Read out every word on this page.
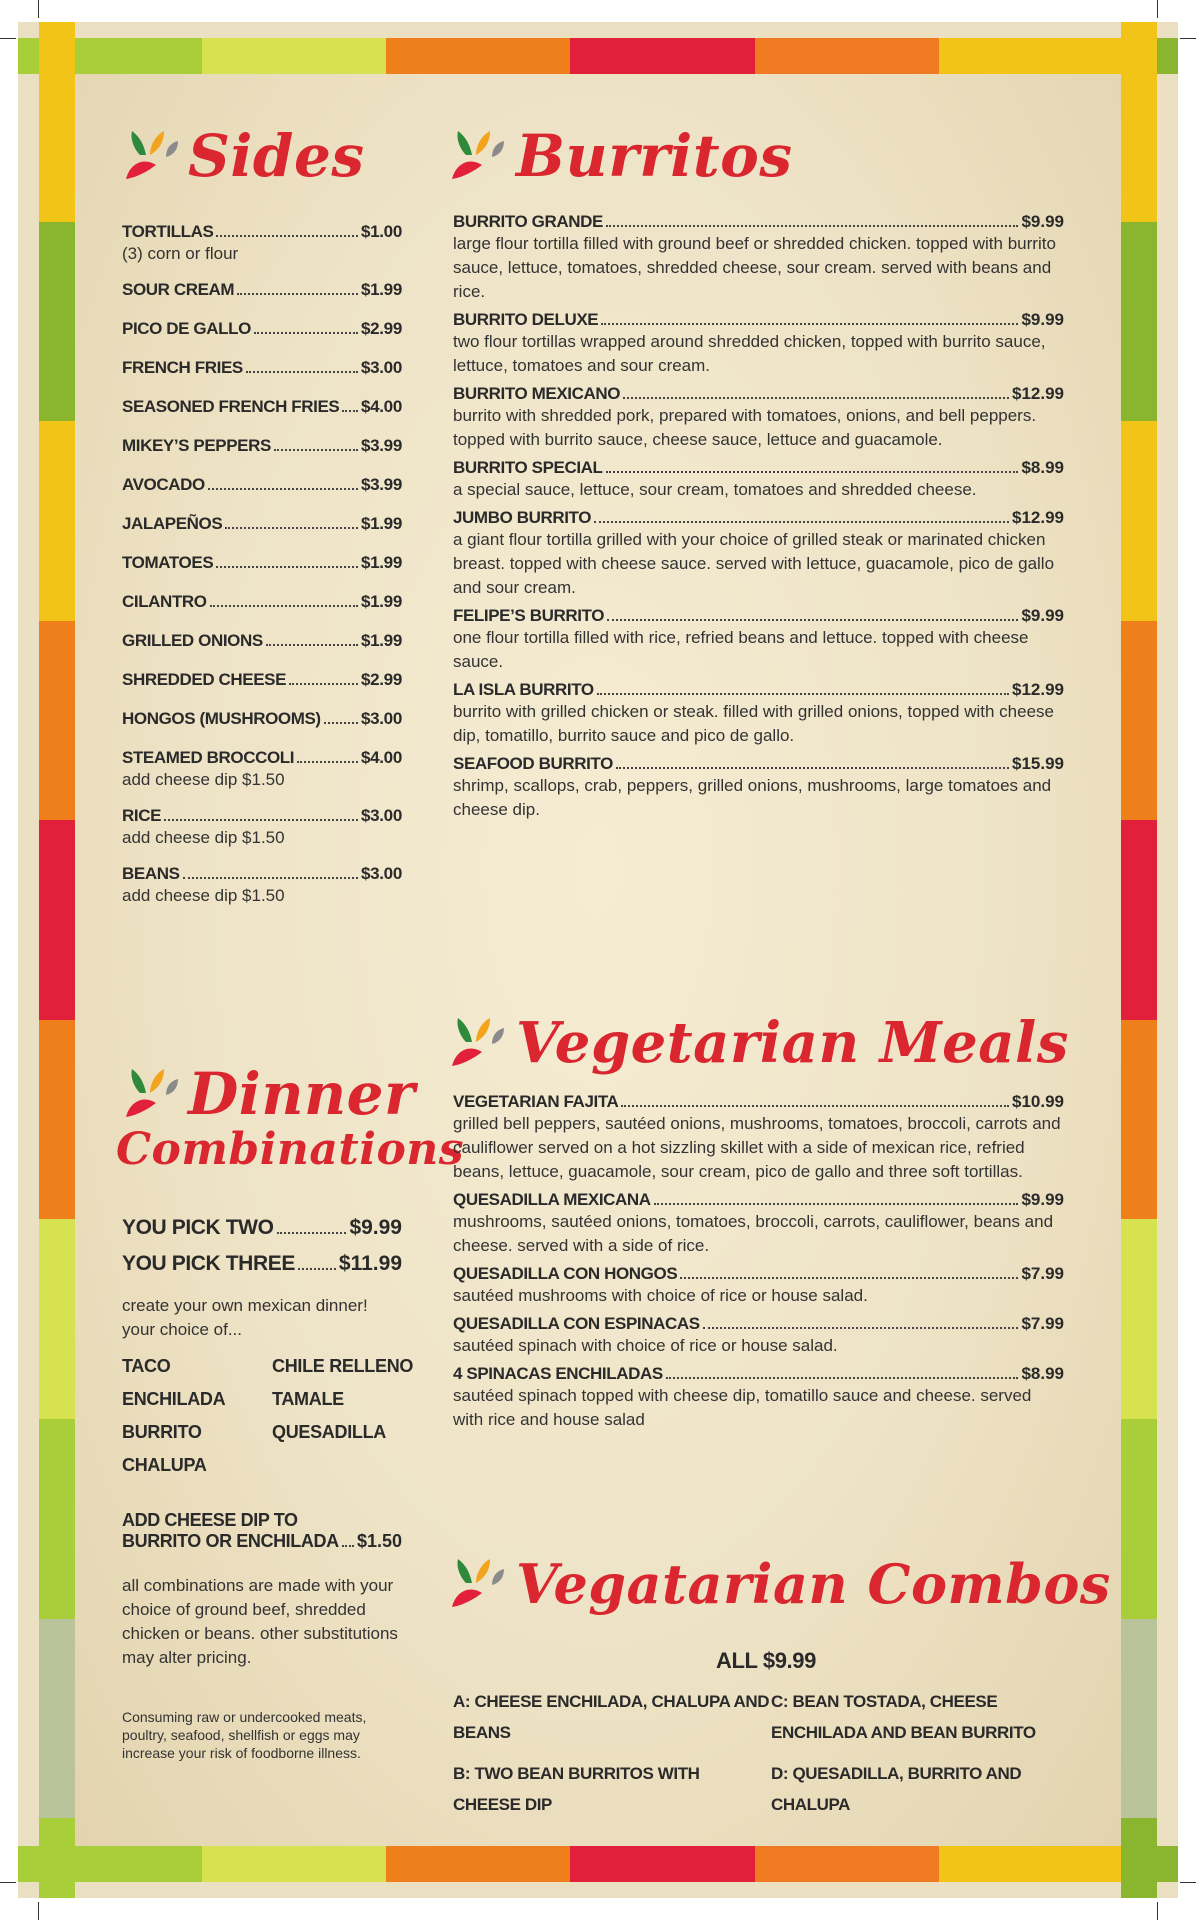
Sides
TORTILLAS	$1.00
(3) corn or flour
SOUR CREAM	$1.99
PICO DE GALLO	$2.99
FRENCH FRIES	$3.00
SEASONED FRENCH FRIES $4.00
MIKEY’S PEPPERS	$3.99
AVOCADO	$3.99
JALAPEÑOS	$1.99
TOMATOES	$1.99
CILANTRO	$1.99
GRILLED ONIONS	$1.99
SHREDDED CHEESE	$2.99
HONGOS (MUSHROOMS) $3.00
STEAMED BROCCOLI	$4.00
add cheese dip $1.50
RICE	$3.00
add cheese dip $1.50
BEANS	$3.00
add cheese dip $1.50
Dinner
Combinations
YOU PICK TWO	$9.99
YOU PICK THREE $11.99
create your own mexican dinner! your choice of...
TACO	CHILE RELLENO
ENCHILADA	TAMALE
BURRITO	QUESADILLA
CHALUPA
ADD CHEESE DIP TO
BURRITO OR ENCHILADA $1.50
all combinations are made with your choice of ground beef, shredded chicken or beans. other substitutions may alter pricing.
Consuming raw or undercooked meats, poultry, seafood, shellfish or eggs may increase your risk of foodborne illness.
Burritos
BURRITO GRANDE	$9.99
large flour tortilla filled with ground beef or shredded chicken. topped with burrito sauce, lettuce, tomatoes, shredded cheese, sour cream. served with beans and rice.
BURRITO DELUXE	$9.99
two flour tortillas wrapped around shredded chicken, topped with burrito sauce, lettuce, tomatoes and sour cream.
BURRITO MEXICANO	$12.99
burrito with shredded pork, prepared with tomatoes, onions, and bell peppers. topped with burrito sauce, cheese sauce, lettuce and guacamole.
BURRITO SPECIAL	$8.99
a special sauce, lettuce, sour cream, tomatoes and shredded cheese.
JUMBO BURRITO	$12.99
a giant flour tortilla grilled with your choice of grilled steak or marinated chicken breast. topped with cheese sauce. served with lettuce, guacamole, pico de gallo and sour cream.
FELIPE’S BURRITO	$9.99
one flour tortilla filled with rice, refried beans and lettuce. topped with cheese sauce.
LA ISLA BURRITO	$12.99
burrito with grilled chicken or steak. filled with grilled onions, topped with cheese dip, tomatillo, burrito sauce and pico de gallo.
SEAFOOD BURRITO	$15.99
shrimp, scallops, crab, peppers, grilled onions, mushrooms, large tomatoes and cheese dip.
Vegetarian Meals
VEGETARIAN FAJITA	$10.99
grilled bell peppers, sautéed onions, mushrooms, tomatoes, broccoli, carrots and cauliflower served on a hot sizzling skillet with a side of mexican rice, refried beans, lettuce, guacamole, sour cream, pico de gallo and three soft tortillas.
QUESADILLA MEXICANA	$9.99
mushrooms, sautéed onions, tomatoes, broccoli, carrots, cauliflower, beans and cheese. served with a side of rice.
QUESADILLA CON HONGOS	$7.99
sautéed mushrooms with choice of rice or house salad.
QUESADILLA CON ESPINACAS	$7.99
sautéed spinach with choice of rice or house salad.
4 SPINACAS ENCHILADAS	$8.99
sautéed spinach topped with cheese dip, tomatillo sauce and cheese. served with rice and house salad
Vegatarian Combos
ALL $9.99
A: CHEESE ENCHILADA, CHALUPA AND BEANS
C: BEAN TOSTADA, CHEESE ENCHILADA AND BEAN BURRITO
B: TWO BEAN BURRITOS WITH CHEESE DIP
D: QUESADILLA, BURRITO AND CHALUPA
